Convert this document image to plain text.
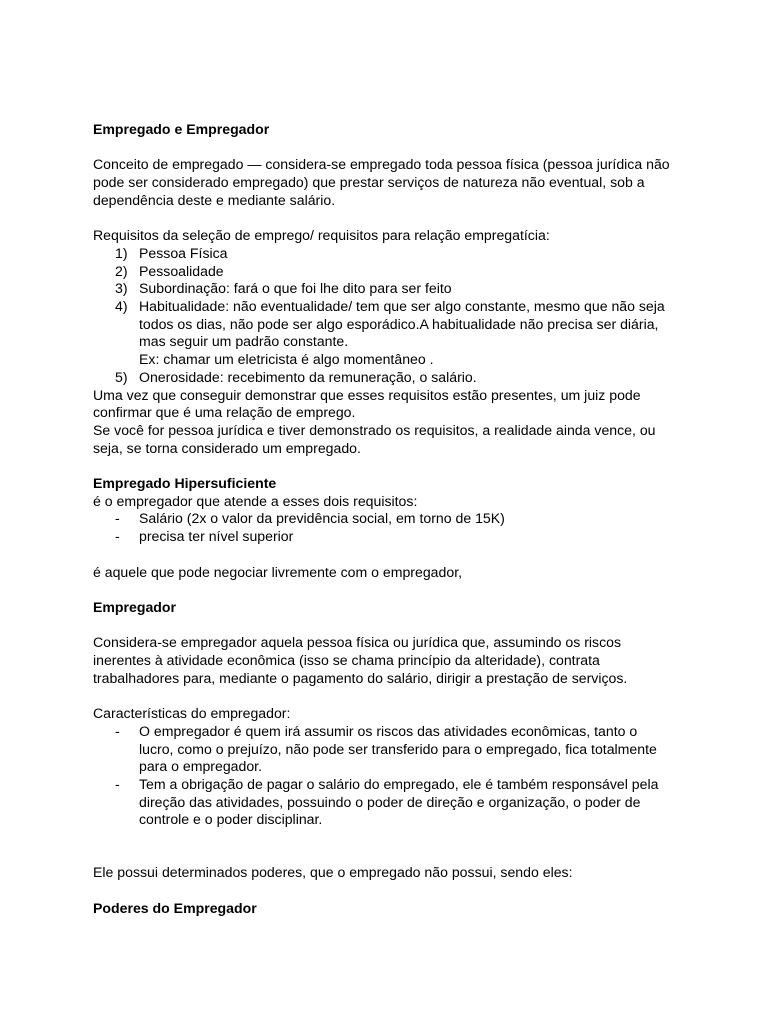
Empregado e Empregador

Conceito de empregado — considera-se empregado toda pessoa física (pessoa jurídica não pode ser considerado empregado) que prestar serviços de natureza não eventual, sob a dependência deste e mediante salário.

Requisitos da seleção de emprego/ requisitos para relação empregatícia:

1) Pessoa Física
2) Pessoalidade
3) Subordinação: fará o que foi lhe dito para ser feito
4) Habitualidade: não eventualidade/ tem que ser algo constante, mesmo que não seja todos os dias, não pode ser algo esporádico.A habitualidade não precisa ser diária, mas seguir um padrão constante.
Ex: chamar um eletricista é algo momentâneo .
5) Onerosidade: recebimento da remuneração, o salário.

Uma vez que conseguir demonstrar que esses requisitos estão presentes, um juiz pode confirmar que é uma relação de emprego.

Se você for pessoa jurídica e tiver demonstrado os requisitos, a realidade ainda vence, ou seja, se torna considerado um empregado.

Empregado Hipersuficiente

é o empregador que atende a esses dois requisitos:

- Salário (2x o valor da previdência social, em torno de 15K)
- precisa ter nível superior

é aquele que pode negociar livremente com o empregador,

Empregador

Considera-se empregador aquela pessoa física ou jurídica que, assumindo os riscos inerentes à atividade econômica (isso se chama princípio da alteridade), contrata trabalhadores para, mediante o pagamento do salário, dirigir a prestação de serviços.

Características do empregador:

- O empregador é quem irá assumir os riscos das atividades econômicas, tanto o lucro, como o prejuízo, não pode ser transferido para o empregado, fica totalmente para o empregador.
- Tem a obrigação de pagar o salário do empregado, ele é também responsável pela direção das atividades, possuindo o poder de direção e organização, o poder de controle e o poder disciplinar.

Ele possui determinados poderes, que o empregado não possui, sendo eles:

Poderes do Empregador
